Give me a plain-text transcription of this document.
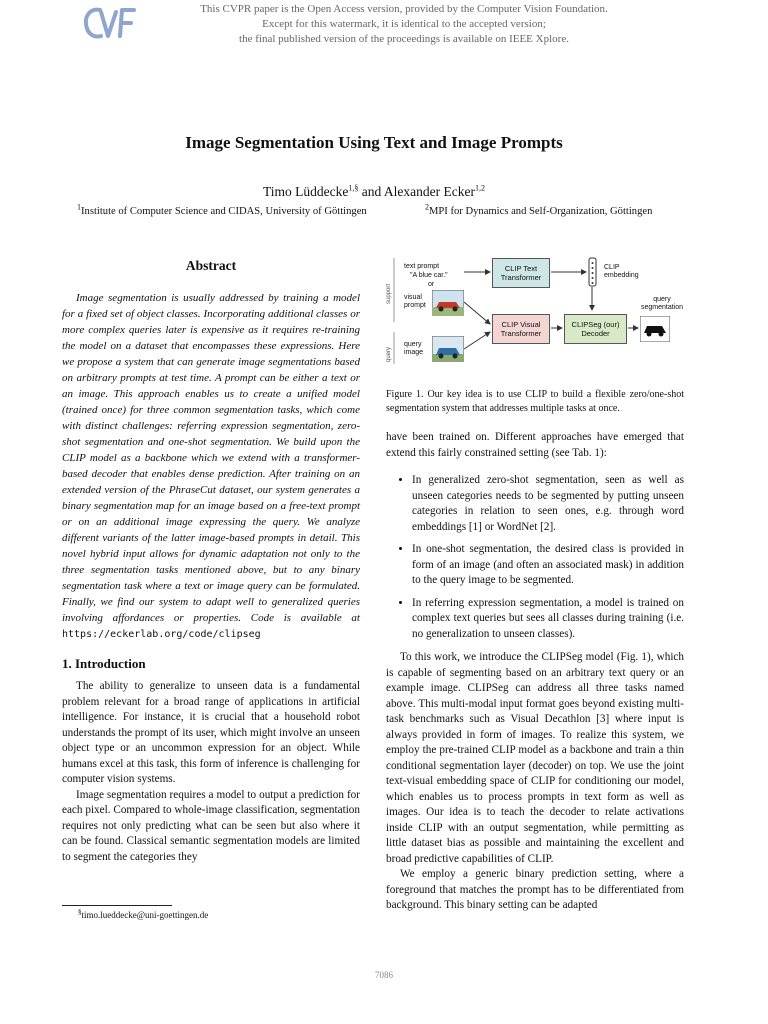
This CVPR paper is the Open Access version, provided by the Computer Vision Foundation.
Except for this watermark, it is identical to the accepted version;
the final published version of the proceedings is available on IEEE Xplore.
Image Segmentation Using Text and Image Prompts
Timo Lüddecke$^{1,\S}$ and Alexander Ecker$^{1,2}$
$^1$Institute of Computer Science and CIDAS, University of Göttingen	$^2$MPI for Dynamics and Self-Organization, Göttingen
Abstract

Image segmentation is usually addressed by training a model for a fixed set of object classes. Incorporating additional classes or more complex queries later is expensive as it requires re-training the model on a dataset that encompasses these expressions. Here we propose a system that can generate image segmentations based on arbitrary prompts at test time. A prompt can be either a text or an image. This approach enables us to create a unified model (trained once) for three common segmentation tasks, which come with distinct challenges: referring expression segmentation, zero-shot segmentation and one-shot segmentation. We build upon the CLIP model as a backbone which we extend with a transformer-based decoder that enables dense prediction. After training on an extended version of the PhraseCut dataset, our system generates a binary segmentation map for an image based on a free-text prompt or on an additional image expressing the query. We analyze different variants of the latter image-based prompts in detail. This novel hybrid input allows for dynamic adaptation not only to the three segmentation tasks mentioned above, but to any binary segmentation task where a text or image query can be formulated. Finally, we find our system to adapt well to generalized queries involving affordances or properties. Code is available at https://eckerlab.org/code/clipseg

1. Introduction

The ability to generalize to unseen data is a fundamental problem relevant for a broad range of applications in artificial intelligence. For instance, it is crucial that a household robot understands the prompt of its user, which might involve an unseen object type or an uncommon expression for an object. While humans excel at this task, this form of inference is challenging for computer vision systems.

Image segmentation requires a model to output a prediction for each pixel. Compared to whole-image classification, segmentation requires not only predicting what can be seen but also where it can be found. Classical semantic segmentation models are limited to segment the categories they

§timo.lueddecke@uni-goettingen.de
support
query
text prompt
"A blue car."
or
visual prompt
query image
CLIP Text Transformer
CLIP Visual Transformer
CLIPSeg (our) Decoder
CLIP embedding
query segmentation
Figure 1. Our key idea is to use CLIP to build a flexible zero/one-shot segmentation system that addresses multiple tasks at once.

have been trained on. Different approaches have emerged that extend this fairly constrained setting (see Tab. 1):

• In generalized zero-shot segmentation, seen as well as unseen categories needs to be segmented by putting unseen categories in relation to seen ones, e.g. through word embeddings [1] or WordNet [2].
• In one-shot segmentation, the desired class is provided in form of an image (and often an associated mask) in addition to the query image to be segmented.
• In referring expression segmentation, a model is trained on complex text queries but sees all classes during training (i.e. no generalization to unseen classes).

To this work, we introduce the CLIPSeg model (Fig. 1), which is capable of segmenting based on an arbitrary text query or an example image. CLIPSeg can address all three tasks named above. This multi-modal input format goes beyond existing multi-task benchmarks such as Visual Decathlon [3] where input is always provided in form of images. To realize this system, we employ the pre-trained CLIP model as a backbone and train a thin conditional segmentation layer (decoder) on top. We use the joint text-visual embedding space of CLIP for conditioning our model, which enables us to process prompts in text form as well as images. Our idea is to teach the decoder to relate activations inside CLIP with an output segmentation, while permitting as little dataset bias as possible and maintaining the excellent and broad predictive capabilities of CLIP.

We employ a generic binary prediction setting, where a foreground that matches the prompt has to be differentiated from background. This binary setting can be adapted

7086
